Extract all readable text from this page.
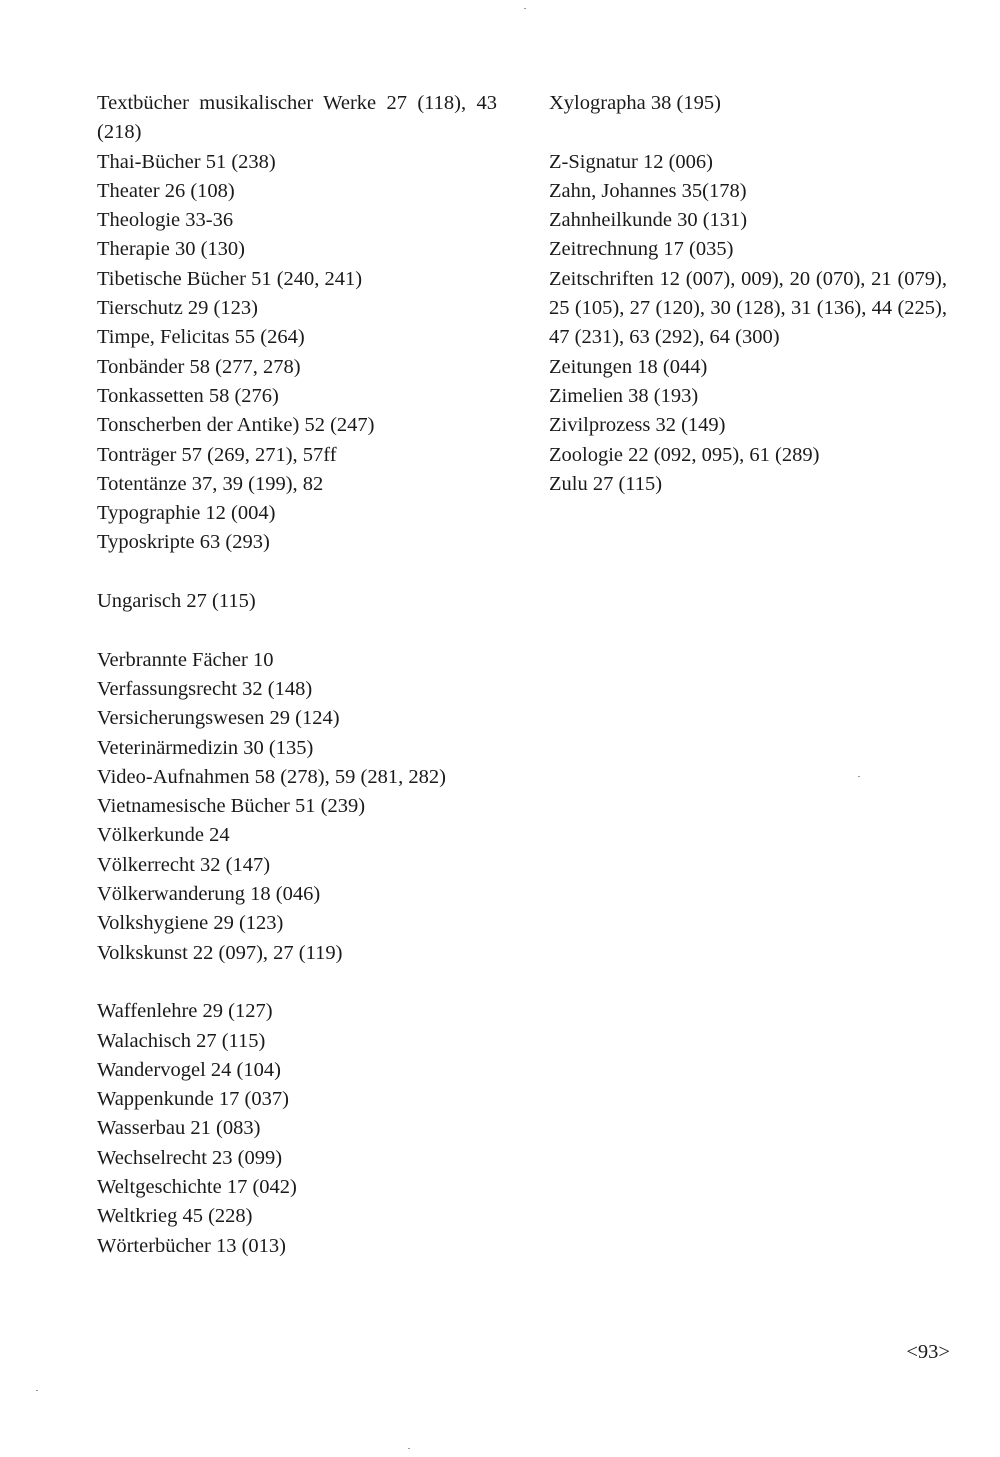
Textbücher musikalischer Werke 27 (118), 43 (218)

Thai-Bücher 51 (238)

Theater 26 (108)

Theologie 33-36

Therapie 30 (130)

Tibetische Bücher 51 (240, 241)

Tierschutz 29 (123)

Timpe, Felicitas 55 (264)

Tonbänder 58 (277, 278)

Tonkassetten 58 (276)

Tonscherben der Antike) 52 (247)

Tonträger 57 (269, 271), 57ff

Totentänze 37, 39 (199), 82

Typographie 12 (004)

Typoskripte 63 (293)

Ungarisch 27 (115)

Verbrannte Fächer 10

Verfassungsrecht 32 (148)

Versicherungswesen 29 (124)

Veterinärmedizin 30 (135)

Video-Aufnahmen 58 (278), 59 (281, 282)

Vietnamesische Bücher 51 (239)

Völkerkunde 24

Völkerrecht 32 (147)

Völkerwanderung 18 (046)

Volkshygiene 29 (123)

Volkskunst 22 (097), 27 (119)

Waffenlehre 29 (127)

Walachisch 27 (115)

Wandervogel 24 (104)

Wappenkunde 17 (037)

Wasserbau 21 (083)

Wechselrecht 23 (099)

Weltgeschichte 17 (042)

Weltkrieg 45 (228)

Wörterbücher 13 (013)

Xylographa 38 (195)

Z-Signatur 12 (006)

Zahn, Johannes 35(178)

Zahnheilkunde 30 (131)

Zeitrechnung 17 (035)

Zeitschriften 12 (007), 009), 20 (070), 21 (079), 25 (105), 27 (120), 30 (128), 31 (136), 44 (225), 47 (231), 63 (292), 64 (300)

Zeitungen 18 (044)

Zimelien 38 (193)

Zivilprozess 32 (149)

Zoologie 22 (092, 095), 61 (289)

Zulu 27 (115)

<93>
